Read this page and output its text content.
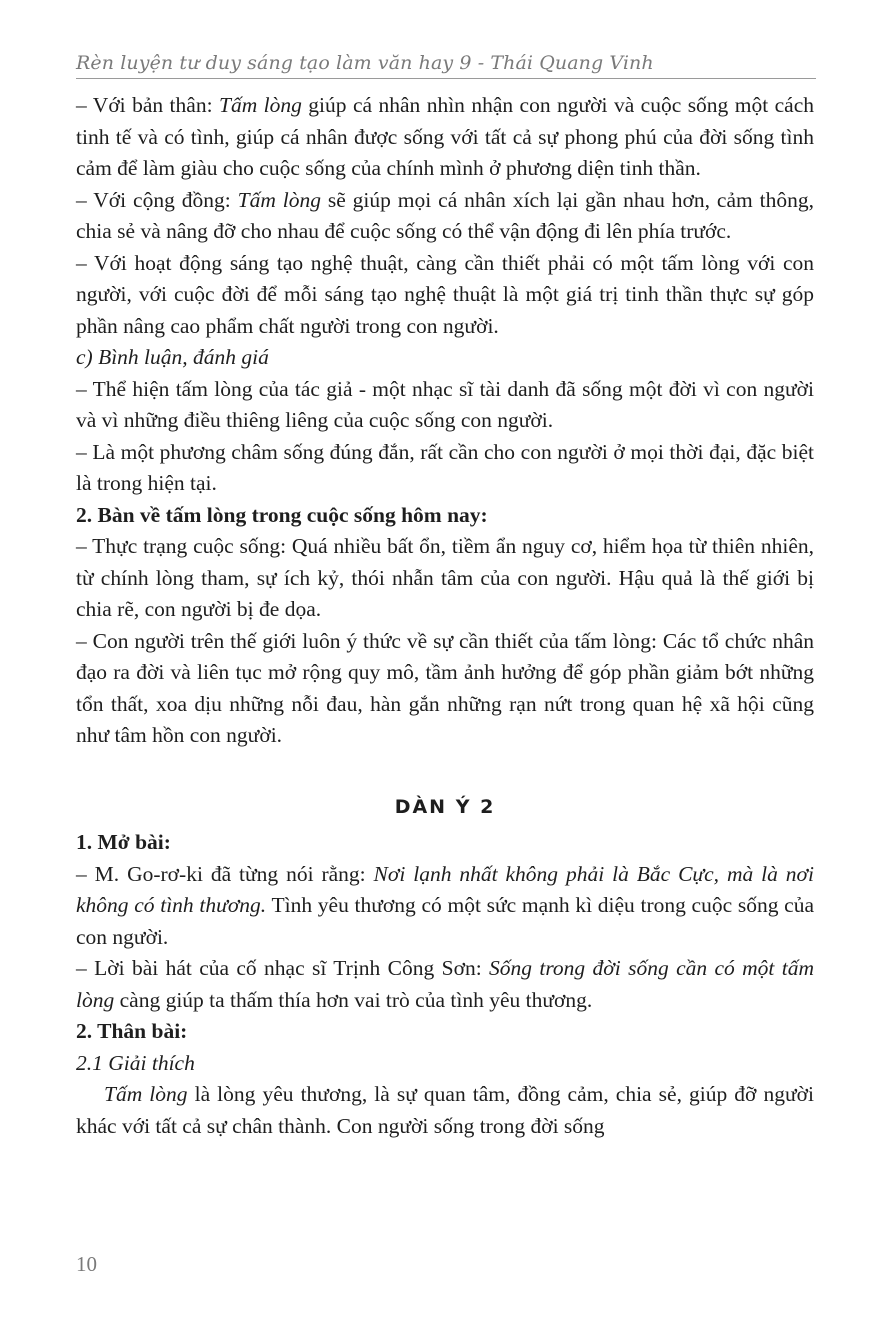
Rèn luyện tư duy sáng tạo làm văn hay 9 - Thái Quang Vinh

– Với bản thân: Tấm lòng giúp cá nhân nhìn nhận con người và cuộc sống một cách tinh tế và có tình, giúp cá nhân được sống với tất cả sự phong phú của đời sống tình cảm để làm giàu cho cuộc sống của chính mình ở phương diện tinh thần.

– Với cộng đồng: Tấm lòng sẽ giúp mọi cá nhân xích lại gần nhau hơn, cảm thông, chia sẻ và nâng đỡ cho nhau để cuộc sống có thể vận động đi lên phía trước.

– Với hoạt động sáng tạo nghệ thuật, càng cần thiết phải có một tấm lòng với con người, với cuộc đời để mỗi sáng tạo nghệ thuật là một giá trị tinh thần thực sự góp phần nâng cao phẩm chất người trong con người.

c) Bình luận, đánh giá

– Thể hiện tấm lòng của tác giả - một nhạc sĩ tài danh đã sống một đời vì con người và vì những điều thiêng liêng của cuộc sống con người.

– Là một phương châm sống đúng đắn, rất cần cho con người ở mọi thời đại, đặc biệt là trong hiện tại.

2. Bàn về tấm lòng trong cuộc sống hôm nay:

– Thực trạng cuộc sống: Quá nhiều bất ổn, tiềm ẩn nguy cơ, hiểm họa từ thiên nhiên, từ chính lòng tham, sự ích kỷ, thói nhẫn tâm của con người. Hậu quả là thế giới bị chia rẽ, con người bị đe dọa.

– Con người trên thế giới luôn ý thức về sự cần thiết của tấm lòng: Các tổ chức nhân đạo ra đời và liên tục mở rộng quy mô, tầm ảnh hưởng để góp phần giảm bớt những tổn thất, xoa dịu những nỗi đau, hàn gắn những rạn nứt trong quan hệ xã hội cũng như tâm hồn con người.

DÀN Ý 2

1. Mở bài:

– M. Go-rơ-ki đã từng nói rằng: Nơi lạnh nhất không phải là Bắc Cực, mà là nơi không có tình thương. Tình yêu thương có một sức mạnh kì diệu trong cuộc sống của con người.

– Lời bài hát của cố nhạc sĩ Trịnh Công Sơn: Sống trong đời sống cần có một tấm lòng càng giúp ta thấm thía hơn vai trò của tình yêu thương.

2. Thân bài:

2.1 Giải thích

Tấm lòng là lòng yêu thương, là sự quan tâm, đồng cảm, chia sẻ, giúp đỡ người khác với tất cả sự chân thành. Con người sống trong đời sống

10
